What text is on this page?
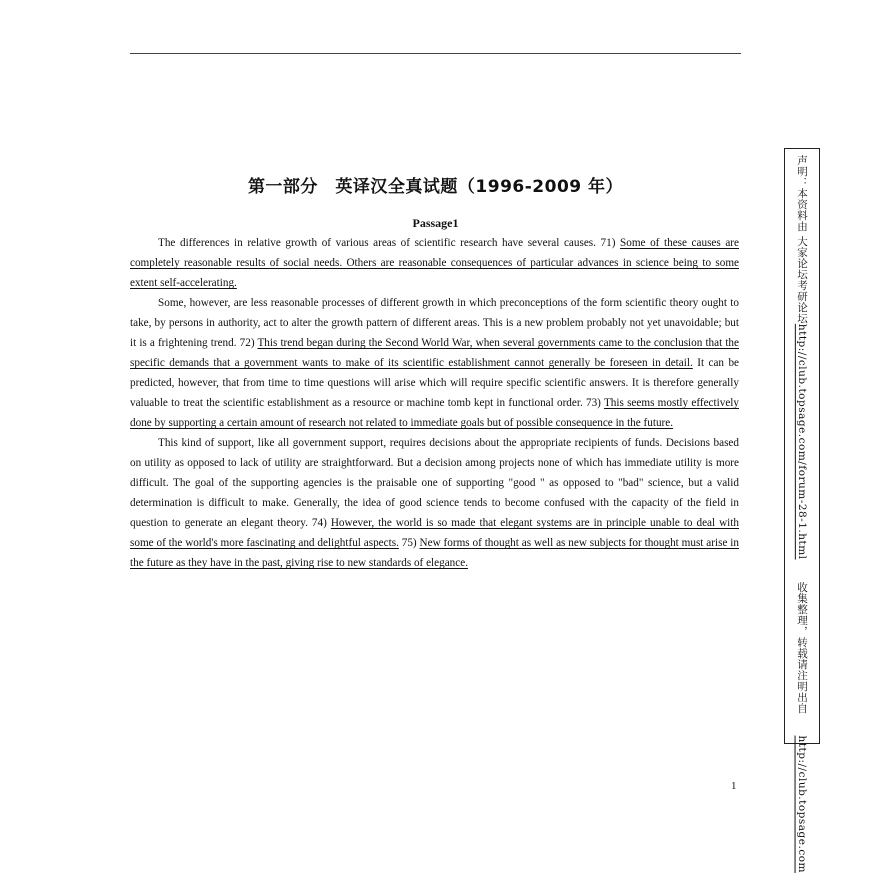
第一部分　英译汉全真试题（1996-2009 年）
Passage1

The differences in relative growth of various areas of scientific research have several causes. 71) Some of these causes are completely reasonable results of social needs. Others are reasonable consequences of particular advances in science being to some extent self-accelerating.

Some, however, are less reasonable processes of different growth in which preconceptions of the form scientific theory ought to take, by persons in authority, act to alter the growth pattern of different areas. This is a new problem probably not yet unavoidable; but it is a frightening trend. 72) This trend began during the Second World War, when several governments came to the conclusion that the specific demands that a government wants to make of its scientific establishment cannot generally be foreseen in detail. It can be predicted, however, that from time to time questions will arise which will require specific scientific answers. It is therefore generally valuable to treat the scientific establishment as a resource or machine tomb kept in functional order. 73) This seems mostly effectively done by supporting a certain amount of research not related to immediate goals but of possible consequence in the future.

This kind of support, like all government support, requires decisions about the appropriate recipients of funds. Decisions based on utility as opposed to lack of utility are straightforward. But a decision among projects none of which has immediate utility is more difficult. The goal of the supporting agencies is the praisable one of supporting "good " as opposed to "bad" science, but a valid determination is difficult to make. Generally, the idea of good science tends to become confused with the capacity of the field in question to generate an elegant theory. 74) However, the world is so made that elegant systems are in principle unable to deal with some of the world's more fascinating and delightful aspects. 75) New forms of thought as well as new subjects for thought must arise in the future as they have in the past, giving rise to new standards of elegance.

声明：本资料由 大家论坛考研论坛http://club.topsage.com/forum-28-1.html收集整理，转载请注明出自http://club.topsage.com
1
